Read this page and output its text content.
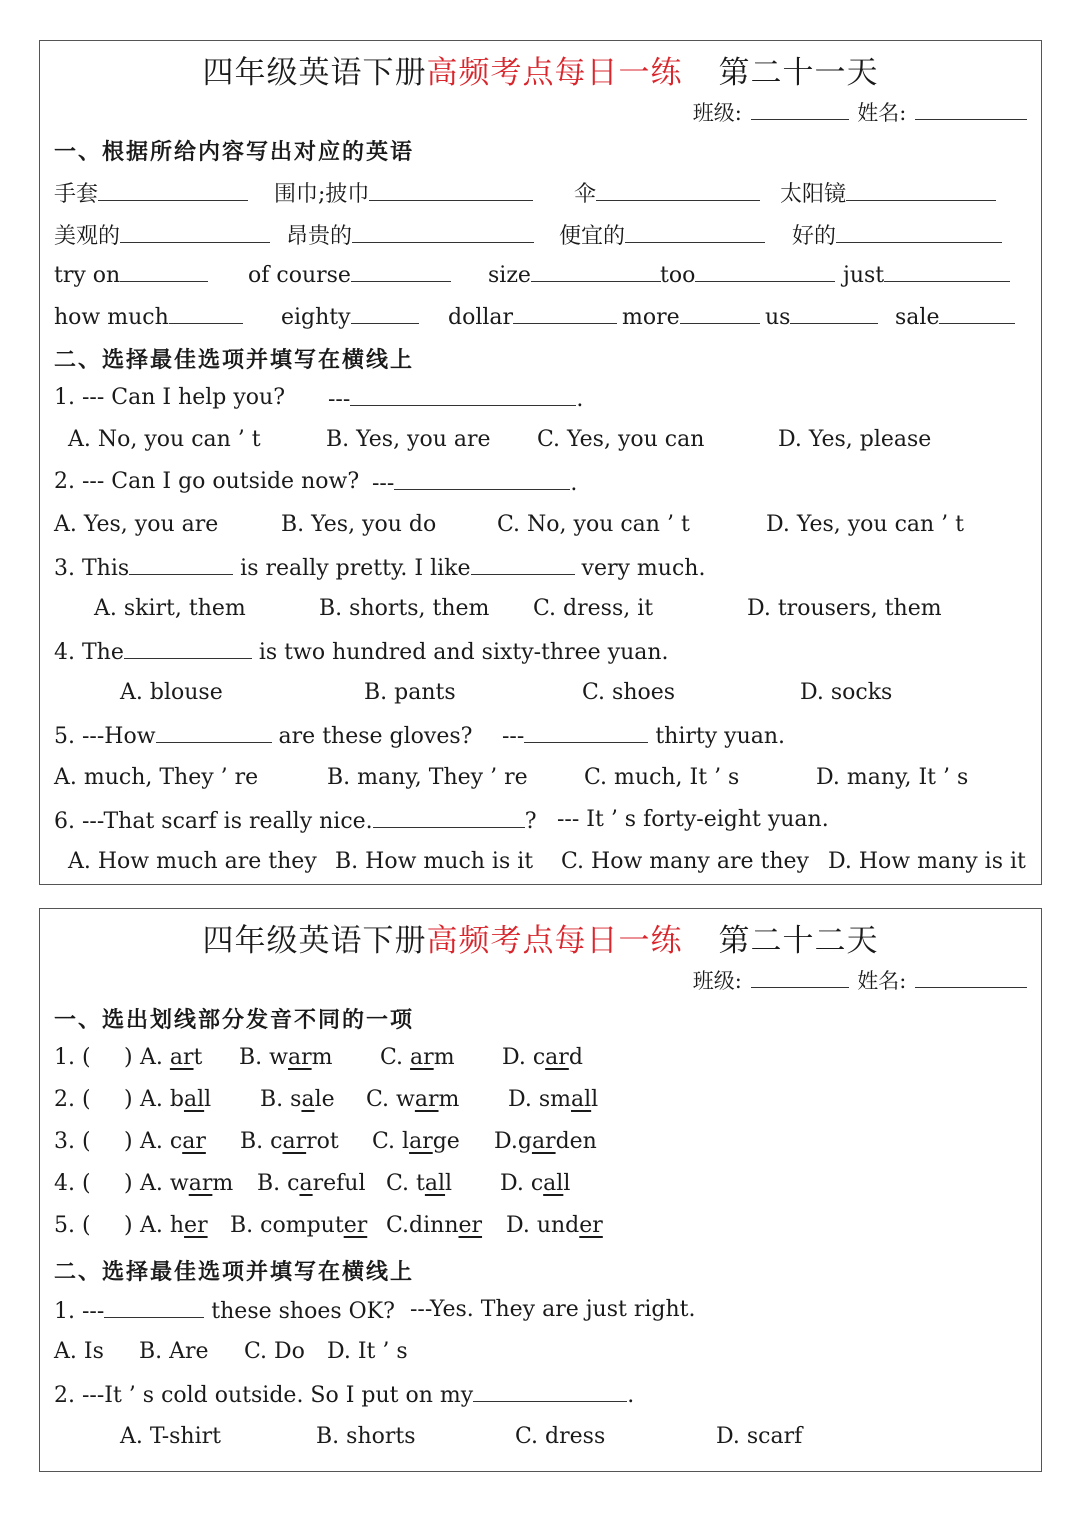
四年级英语下册高频考点每日一练 第二十一天
班级:	姓名:
一、根据所给内容写出对应的英语
手套	围巾;披巾	伞	太阳镜
美观的	昂贵的	便宜的	好的
try on	of course	size	too	just
how much	eighty	dollar	more	us	sale
二、选择最佳选项并填写在横线上
1. --- Can I help you? ---	.
A. No, you can ’ t	B. Yes, you are C. Yes, you can	D. Yes, please
2. --- Can I go outside now? ---	.
A. Yes, you are	B. Yes, you do	C. No, you can ’ t	D. Yes, you can ’ t
3. This	is really pretty. I like	very much.
A. skirt, them	B. shorts, them C. dress, it	D. trousers, them
4. The	is two hundred and sixty-three yuan.
A. blouse	B. pants	C. shoes	D. socks
5. ---How	are these gloves? ---	thirty yuan.
A. much, They ’ re	B. many, They ’ re	C. much, It ’ s	D. many, It ’ s
6. ---That scarf is really nice.	? --- It ’ s forty-eight yuan.
A. How much are they B. How much is it C. How many are they D. How many is it
四年级英语下册高频考点每日一练 第二十二天
班级:	姓名:
一、选出划线部分发音不同的一项
1. ( ) A. art B. warm C. arm D. card
2. ( ) A. ball B. sale C. warm D. small
3. ( ) A. car B. carrot C. large D.garden
4. ( ) A. warm B. careful C. tall D. call
5. ( ) A. her B. computer C.dinner D. under
二、选择最佳选项并填写在横线上
1. ---	these shoes OK? ---Yes. They are just right.
A. Is B. Are C. Do D. It ’ s
2. ---It ’ s cold outside. So I put on my	.
A. T-shirt	B. shorts	C. dress	D. scarf
